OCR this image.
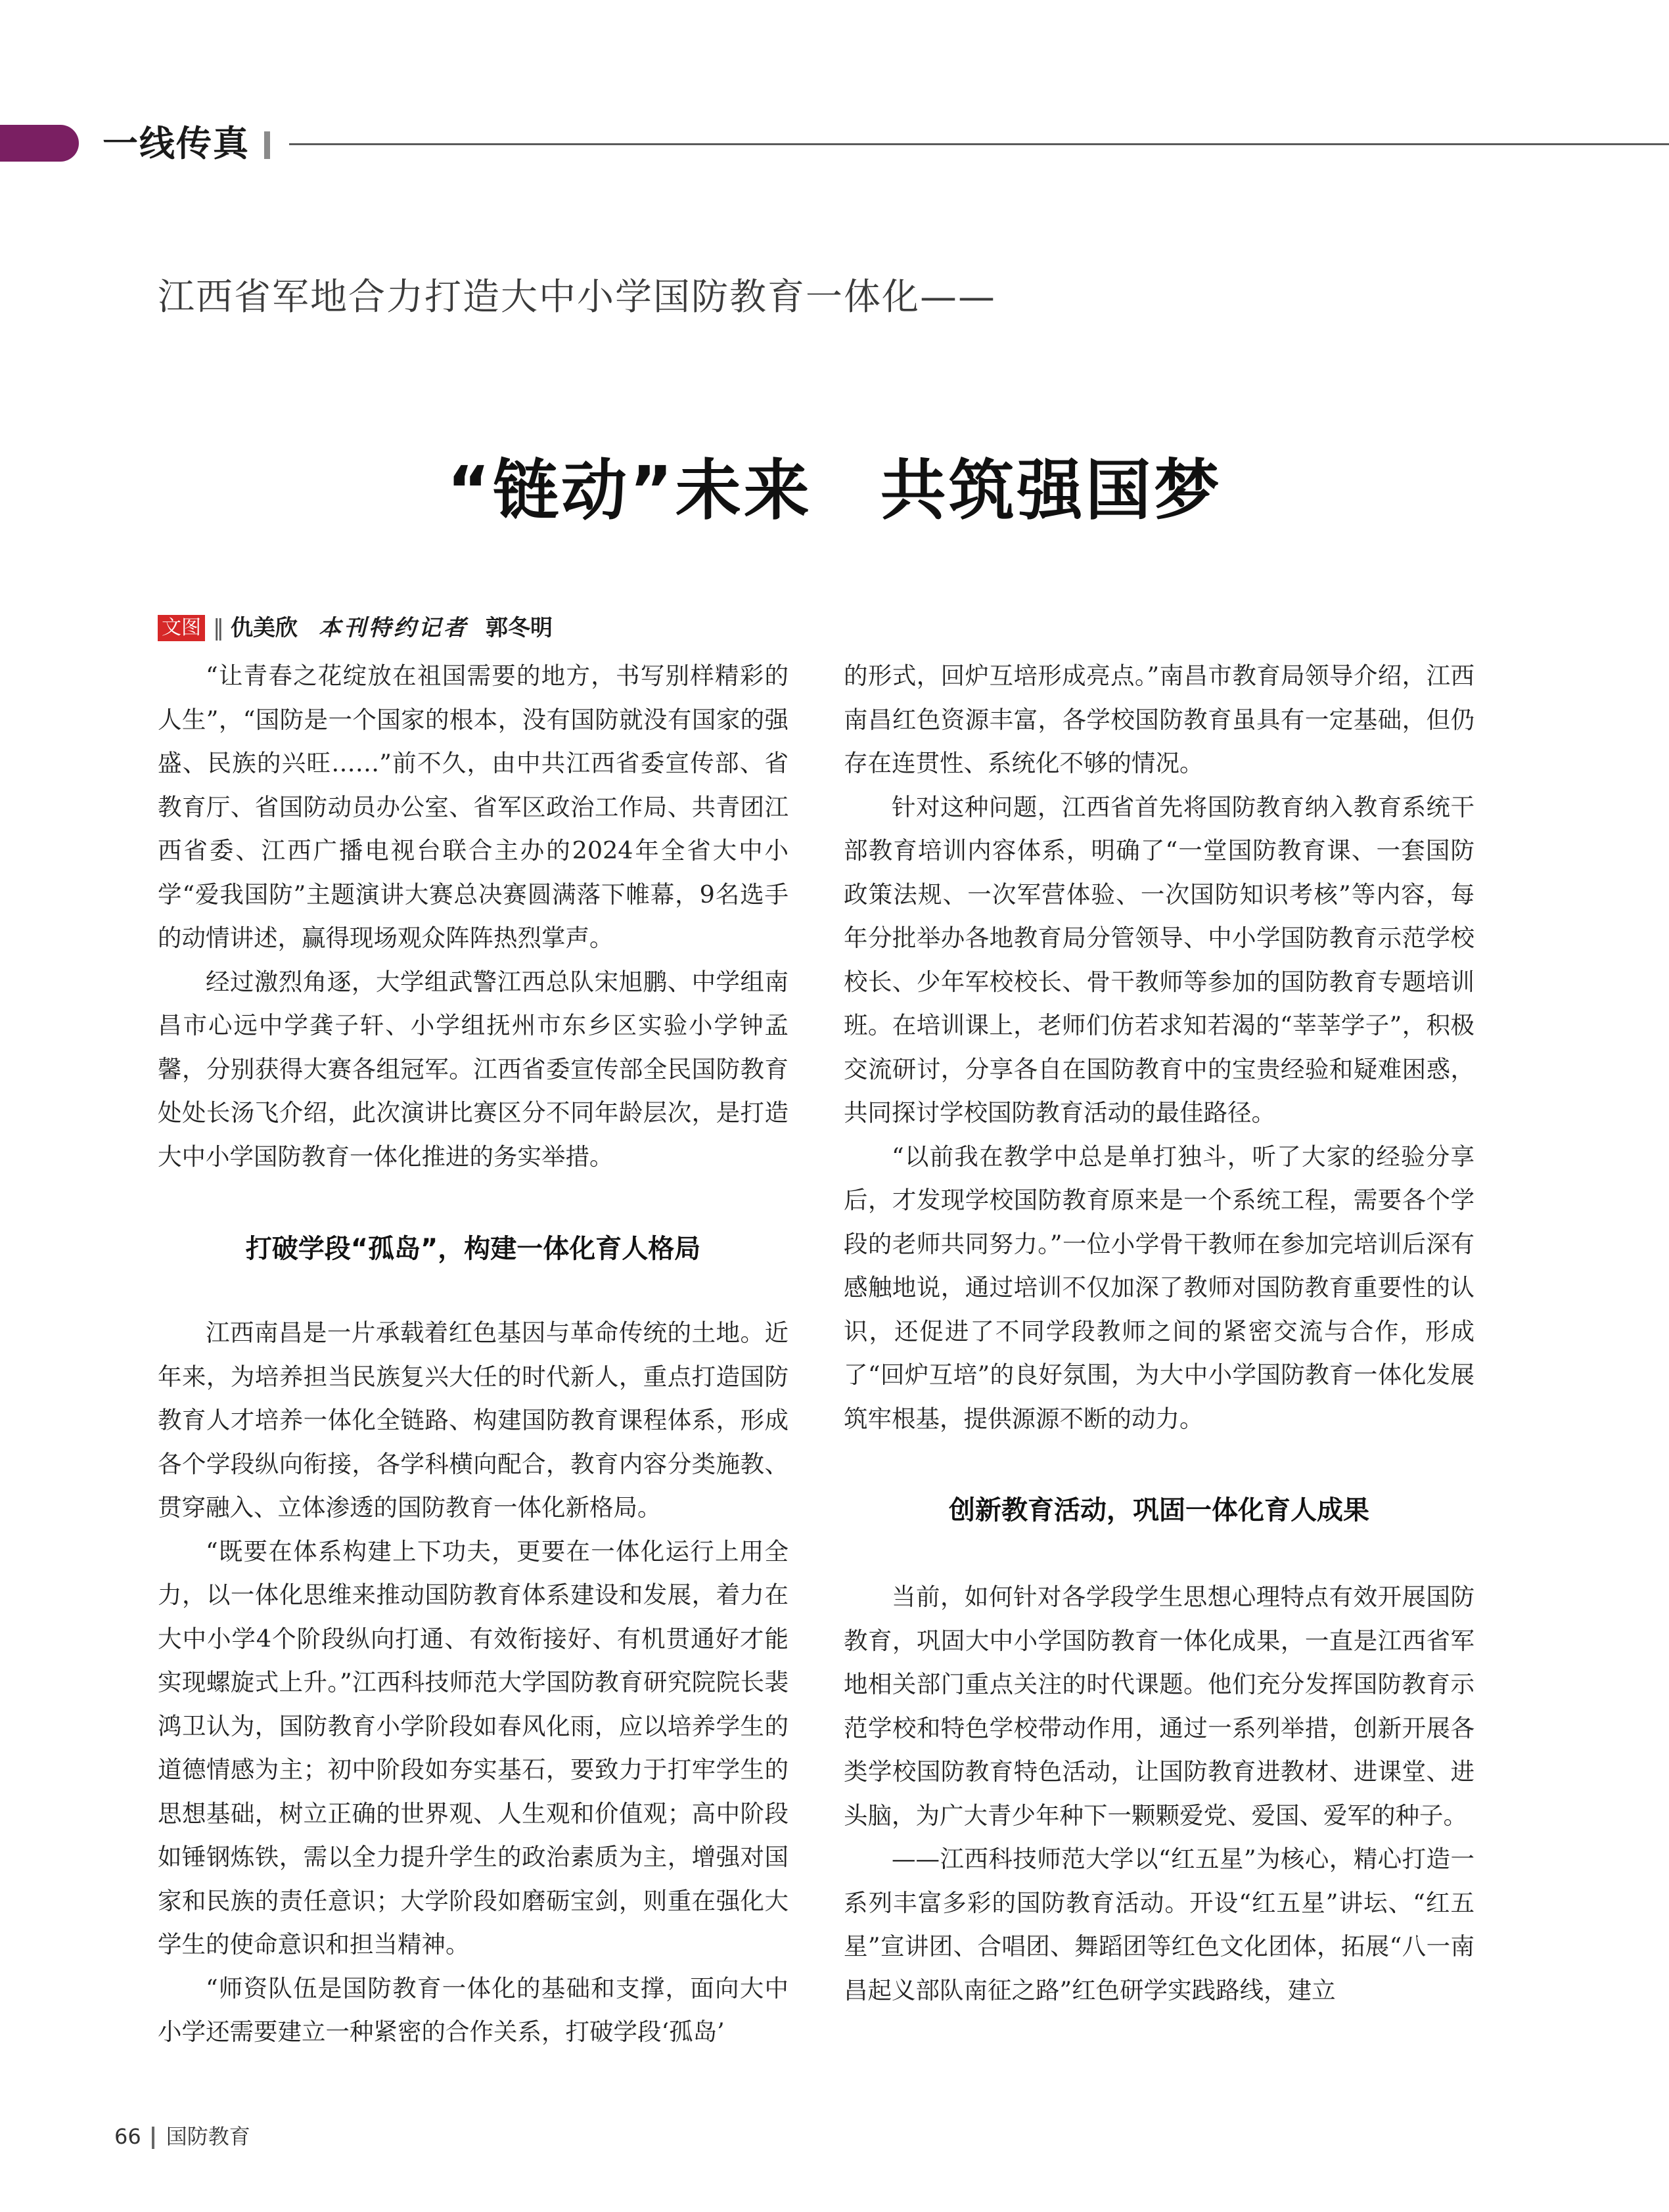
一线传真
江西省军地合力打造大中小学国防教育一体化——
“链动”未来　共筑强国梦
文图 ‖ 仇美欣 本刊特约记者 郭冬明

“让青春之花绽放在祖国需要的地方，书写别样精彩的人生”，“国防是一个国家的根本，没有国防就没有国家的强盛、民族的兴旺……”前不久，由中共江西省委宣传部、省教育厅、省国防动员办公室、省军区政治工作局、共青团江西省委、江西广播电视台联合主办的2024年全省大中小学“爱我国防”主题演讲大赛总决赛圆满落下帷幕，9名选手的动情讲述，赢得现场观众阵阵热烈掌声。

经过激烈角逐，大学组武警江西总队宋旭鹏、中学组南昌市心远中学龚子轩、小学组抚州市东乡区实验小学钟孟馨，分别获得大赛各组冠军。江西省委宣传部全民国防教育处处长汤飞介绍，此次演讲比赛区分不同年龄层次，是打造大中小学国防教育一体化推进的务实举措。

打破学段“孤岛”，构建一体化育人格局

江西南昌是一片承载着红色基因与革命传统的土地。近年来，为培养担当民族复兴大任的时代新人，重点打造国防教育人才培养一体化全链路、构建国防教育课程体系，形成各个学段纵向衔接，各学科横向配合，教育内容分类施教、贯穿融入、立体渗透的国防教育一体化新格局。

“既要在体系构建上下功夫，更要在一体化运行上用全力，以一体化思维来推动国防教育体系建设和发展，着力在大中小学4个阶段纵向打通、有效衔接好、有机贯通好才能实现螺旋式上升。”江西科技师范大学国防教育研究院院长裴鸿卫认为，国防教育小学阶段如春风化雨，应以培养学生的道德情感为主；初中阶段如夯实基石，要致力于打牢学生的思想基础，树立正确的世界观、人生观和价值观；高中阶段如锤钢炼铁，需以全力提升学生的政治素质为主，增强对国家和民族的责任意识；大学阶段如磨砺宝剑，则重在强化大学生的使命意识和担当精神。

“师资队伍是国防教育一体化的基础和支撑，面向大中小学还需要建立一种紧密的合作关系，打破学段‘孤岛’

的形式，回炉互培形成亮点。”南昌市教育局领导介绍，江西南昌红色资源丰富，各学校国防教育虽具有一定基础，但仍存在连贯性、系统化不够的情况。

针对这种问题，江西省首先将国防教育纳入教育系统干部教育培训内容体系，明确了“一堂国防教育课、一套国防政策法规、一次军营体验、一次国防知识考核”等内容，每年分批举办各地教育局分管领导、中小学国防教育示范学校校长、少年军校校长、骨干教师等参加的国防教育专题培训班。在培训课上，老师们仿若求知若渴的“莘莘学子”，积极交流研讨，分享各自在国防教育中的宝贵经验和疑难困惑，共同探讨学校国防教育活动的最佳路径。

“以前我在教学中总是单打独斗，听了大家的经验分享后，才发现学校国防教育原来是一个系统工程，需要各个学段的老师共同努力。”一位小学骨干教师在参加完培训后深有感触地说，通过培训不仅加深了教师对国防教育重要性的认识，还促进了不同学段教师之间的紧密交流与合作，形成了“回炉互培”的良好氛围，为大中小学国防教育一体化发展筑牢根基，提供源源不断的动力。

创新教育活动，巩固一体化育人成果

当前，如何针对各学段学生思想心理特点有效开展国防教育，巩固大中小学国防教育一体化成果，一直是江西省军地相关部门重点关注的时代课题。他们充分发挥国防教育示范学校和特色学校带动作用，通过一系列举措，创新开展各类学校国防教育特色活动，让国防教育进教材、进课堂、进头脑，为广大青少年种下一颗颗爱党、爱国、爱军的种子。

——江西科技师范大学以“红五星”为核心，精心打造一系列丰富多彩的国防教育活动。开设“红五星”讲坛、“红五星”宣讲团、合唱团、舞蹈团等红色文化团体，拓展“八一南昌起义部队南征之路”红色研学实践路线，建立

66 国防教育
